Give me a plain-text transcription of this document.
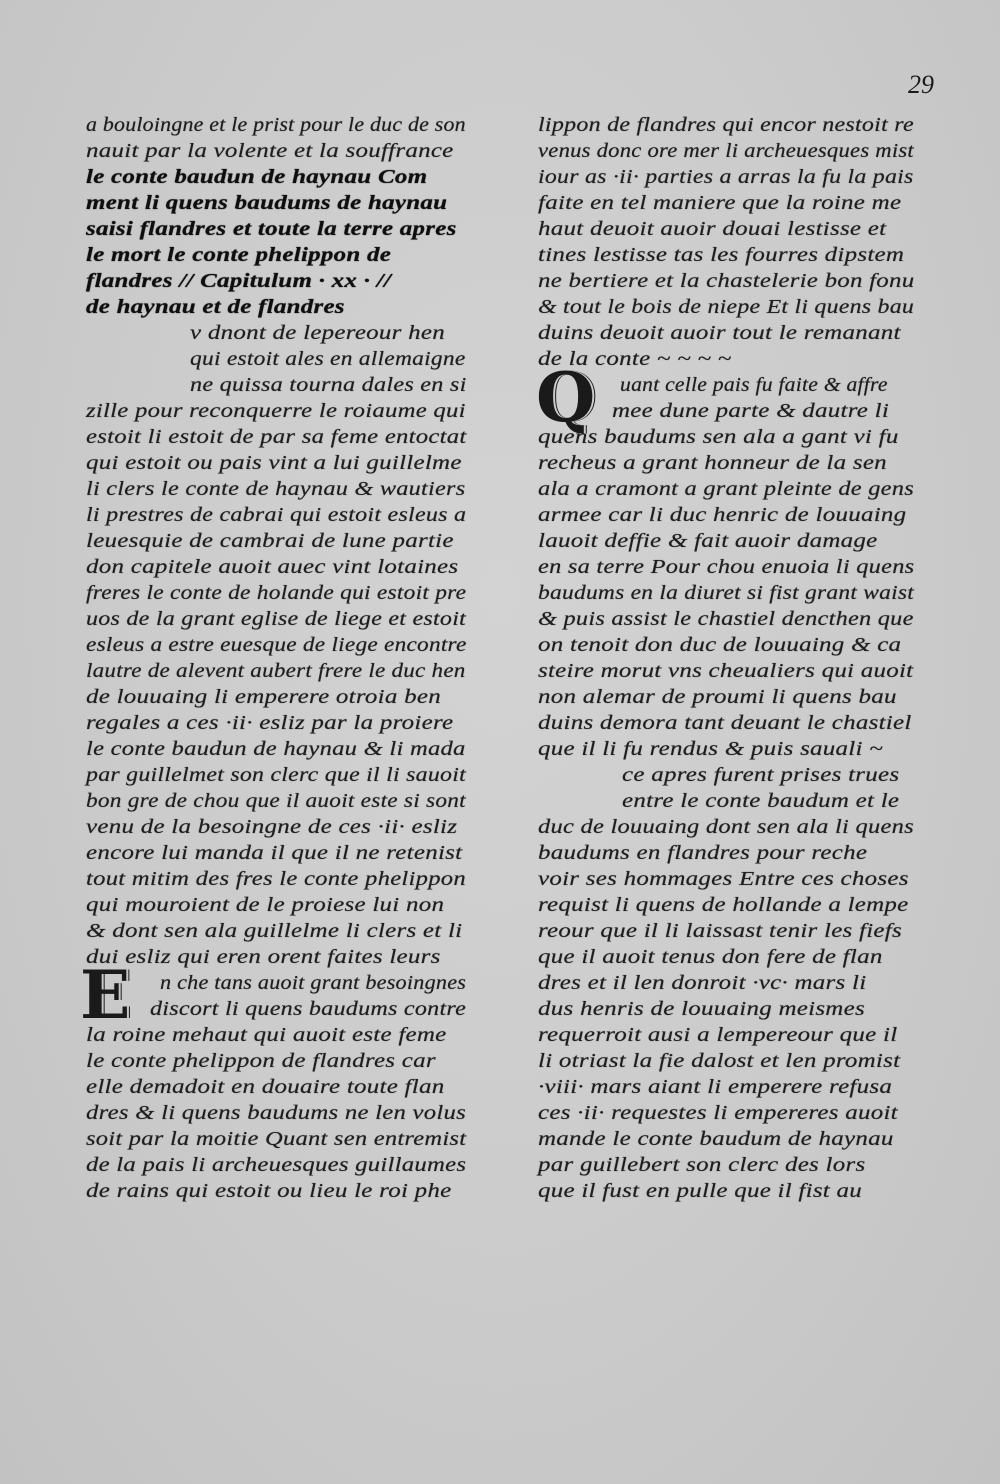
29
a bouloingne et le prist pour le duc de son
nauit par la volente et la souffrance
le conte baudun de haynau Com
ment li quens baudums de haynau
saisi flandres et toute la terre apres
le mort le conte phelippon de
flandres // Capitulum · xx · //
de haynau et de flandres
v dnont de lepereour hen
qui estoit ales en allemaigne
ne quissa tourna dales en si
zille pour reconquerre le roiaume qui
estoit li estoit de par sa feme entoctat
qui estoit ou pais vint a lui guillelme
li clers le conte de haynau & wautiers
li prestres de cabrai qui estoit esleus a
leuesquie de cambrai de lune partie
don capitele auoit auec vint lotaines
freres le conte de holande qui estoit pre
uos de la grant eglise de liege et estoit
esleus a estre euesque de liege encontre
lautre de alevent aubert frere le duc hen
de louuaing li emperere otroia ben
regales a ces ·ii· esliz par la proiere
le conte baudun de haynau & li mada
par guillelmet son clerc que il li sauoit
bon gre de chou que il auoit este si sont
venu de la besoingne de ces ·ii· esliz
encore lui manda il que il ne retenist
tout mitim des fres le conte phelippon
qui mouroient de le proiese lui non
& dont sen ala guillelme li clers et li
dui esliz qui eren orent faites leurs
n che tans auoit grant besoingnes
discort li quens baudums contre
la roine mehaut qui auoit este feme
le conte phelippon de flandres car
elle demadoit en douaire toute flan
dres & li quens baudums ne len volus
soit par la moitie Quant sen entremist
de la pais li archeuesques guillaumes
de rains qui estoit ou lieu le roi phe
lippon de flandres qui encor nestoit re
venus donc ore mer li archeuesques mist
iour as ·ii· parties a arras la fu la pais
faite en tel maniere que la roine me
haut deuoit auoir douai lestisse et
tines lestisse tas les fourres dipstem
ne bertiere et la chastelerie bon fonu
& tout le bois de niepe Et li quens bau
duins deuoit auoir tout le remanant
de la conte ~ ~ ~ ~
uant celle pais fu faite & affre
mee dune parte & dautre li
quens baudums sen ala a gant vi fu
recheus a grant honneur de la sen
ala a cramont a grant pleinte de gens
armee car li duc henric de louuaing
lauoit deffie & fait auoir damage
en sa terre Pour chou enuoia li quens
baudums en la diuret si fist grant waist
& puis assist le chastiel dencthen que
on tenoit don duc de louuaing & ca
steire morut vns cheualiers qui auoit
non alemar de proumi li quens bau
duins demora tant deuant le chastiel
que il li fu rendus & puis sauali ~
ce apres furent prises trues
entre le conte baudum et le
duc de louuaing dont sen ala li quens
baudums en flandres pour reche
voir ses hommages Entre ces choses
requist li quens de hollande a lempe
reour que il li laissast tenir les fiefs
que il auoit tenus don fere de flan
dres et il len donroit ·vc· mars li
dus henris de louuaing meismes
requerroit ausi a lempereour que il
li otriast la fie dalost et len promist
·viii· mars aiant li emperere refusa
ces ·ii· requestes li empereres auoit
mande le conte baudum de haynau
par guillebert son clerc des lors
que il fust en pulle que il fist au
E
Q
